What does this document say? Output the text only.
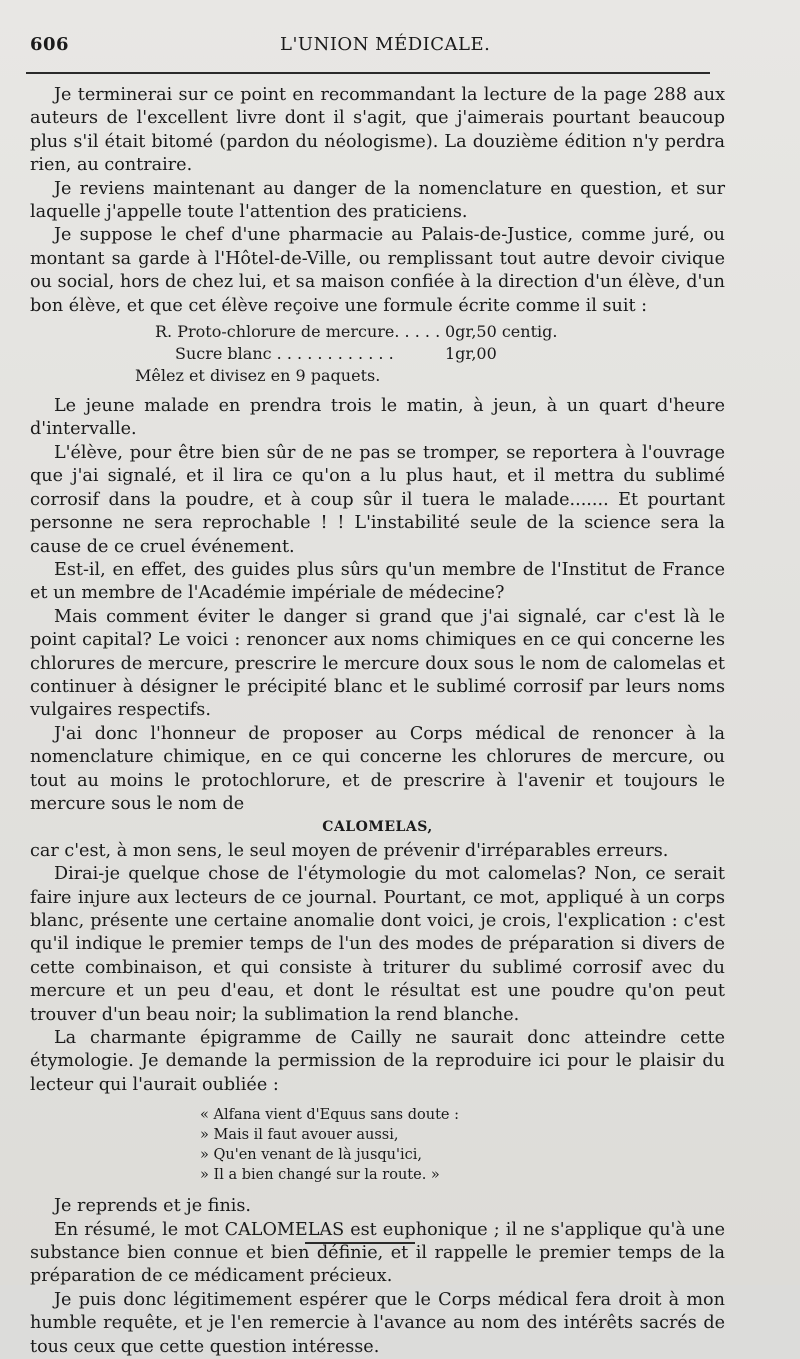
606	L'UNION MÉDICALE.

Je terminerai sur ce point en recommandant la lecture de la page 288 aux auteurs de l'excellent livre dont il s'agit, que j'aimerais pourtant beaucoup plus s'il était bitomé (pardon du néologisme). La douzième édition n'y perdra rien, au contraire.

Je reviens maintenant au danger de la nomenclature en question, et sur laquelle j'appelle toute l'attention des praticiens.

Je suppose le chef d'une pharmacie au Palais-de-Justice, comme juré, ou montant sa garde à l'Hôtel-de-Ville, ou remplissant tout autre devoir civique ou social, hors de chez lui, et sa maison confiée à la direction d'un élève, d'un bon élève, et que cet élève reçoive une formule écrite comme il suit :

R. Proto-chlorure de mercure. . . . . 0gr,50 centig.
Sucre blanc . . . . . . . . . . . .	1gr,00
Mêlez et divisez en 9 paquets.

Le jeune malade en prendra trois le matin, à jeun, à un quart d'heure d'intervalle.

L'élève, pour être bien sûr de ne pas se tromper, se reportera à l'ouvrage que j'ai signalé, et il lira ce qu'on a lu plus haut, et il mettra du sublimé corrosif dans la poudre, et à coup sûr il tuera le malade....... Et pourtant personne ne sera reprochable ! ! L'instabilité seule de la science sera la cause de ce cruel événement.

Est-il, en effet, des guides plus sûrs qu'un membre de l'Institut de France et un membre de l'Académie impériale de médecine?

Mais comment éviter le danger si grand que j'ai signalé, car c'est là le point capital? Le voici : renoncer aux noms chimiques en ce qui concerne les chlorures de mercure, prescrire le mercure doux sous le nom de calomelas et continuer à désigner le précipité blanc et le sublimé corrosif par leurs noms vulgaires respectifs.

J'ai donc l'honneur de proposer au Corps médical de renoncer à la nomenclature chimique, en ce qui concerne les chlorures de mercure, ou tout au moins le protochlorure, et de prescrire à l'avenir et toujours le mercure sous le nom de

CALOMELAS,

car c'est, à mon sens, le seul moyen de prévenir d'irréparables erreurs.

Dirai-je quelque chose de l'étymologie du mot calomelas? Non, ce serait faire injure aux lecteurs de ce journal. Pourtant, ce mot, appliqué à un corps blanc, présente une certaine anomalie dont voici, je crois, l'explication : c'est qu'il indique le premier temps de l'un des modes de préparation si divers de cette combinaison, et qui consiste à triturer du sublimé corrosif avec du mercure et un peu d'eau, et dont le résultat est une poudre qu'on peut trouver d'un beau noir; la sublimation la rend blanche.

La charmante épigramme de Cailly ne saurait donc atteindre cette étymologie. Je demande la permission de la reproduire ici pour le plaisir du lecteur qui l'aurait oubliée :

« Alfana vient d'Equus sans doute :
» Mais il faut avouer aussi,
» Qu'en venant de là jusqu'ici,
» Il a bien changé sur la route. »

Je reprends et je finis.

En résumé, le mot CALOMELAS est euphonique ; il ne s'applique qu'à une substance bien connue et bien définie, et il rappelle le premier temps de la préparation de ce médicament précieux.

Je puis donc légitimement espérer que le Corps médical fera droit à mon humble requête, et je l'en remercie à l'avance au nom des intérêts sacrés de tous ceux que cette question intéresse.
